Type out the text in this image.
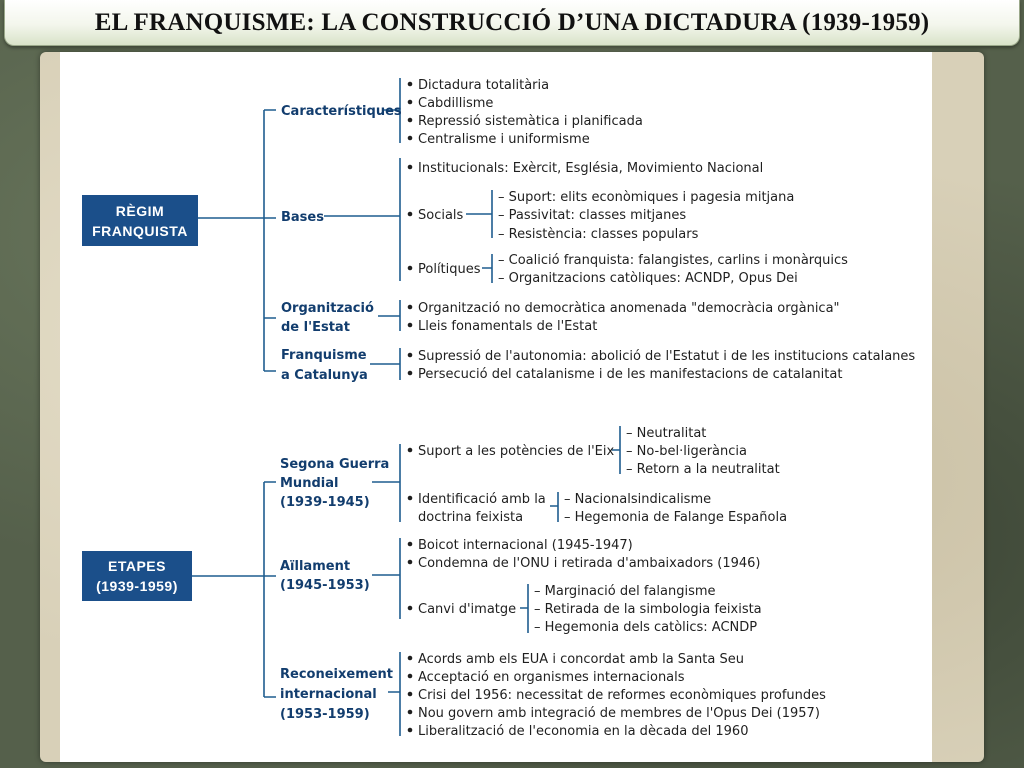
EL FRANQUISME: LA CONSTRUCCIÓ D’UNA DICTADURA (1939-1959)
RÈGIM
FRANQUISTA
ETAPES
(1939-1959)
Característiques
Bases
Organització
de l'Estat
Franquisme
a Catalunya
Dictadura totalitària
Cabdillisme
Repressió sistemàtica i planificada
Centralisme i uniformisme
Institucionals: Exèrcit, Església, Movimiento Nacional
Socials
– Suport: elits econòmiques i pagesia mitjana
– Passivitat: classes mitjanes
– Resistència: classes populars
Polítiques
– Coalició franquista: falangistes, carlins i monàrquics
– Organitzacions catòliques: ACNDP, Opus Dei
Organització no democràtica anomenada "democràcia orgànica"
Lleis fonamentals de l'Estat
Supressió de l'autonomia: abolició de l'Estatut i de les institucions catalanes
Persecució del catalanisme i de les manifestacions de catalanitat
Segona Guerra
Mundial
(1939-1945)
Aïllament
(1945-1953)
Reconeixement
internacional
(1953-1959)
Suport a les potències de l'Eix
– Neutralitat
– No-bel·ligerància
– Retorn a la neutralitat
Identificació amb la
doctrina feixista
– Nacionalsindicalisme
– Hegemonia de Falange Española
Boicot internacional (1945-1947)
Condemna de l'ONU i retirada d'ambaixadors (1946)
Canvi d'imatge
– Marginació del falangisme
– Retirada de la simbologia feixista
– Hegemonia dels catòlics: ACNDP
Acords amb els EUA i concordat amb la Santa Seu
Acceptació en organismes internacionals
Crisi del 1956: necessitat de reformes econòmiques profundes
Nou govern amb integració de membres de l'Opus Dei (1957)
Liberalització de l'economia en la dècada del 1960
